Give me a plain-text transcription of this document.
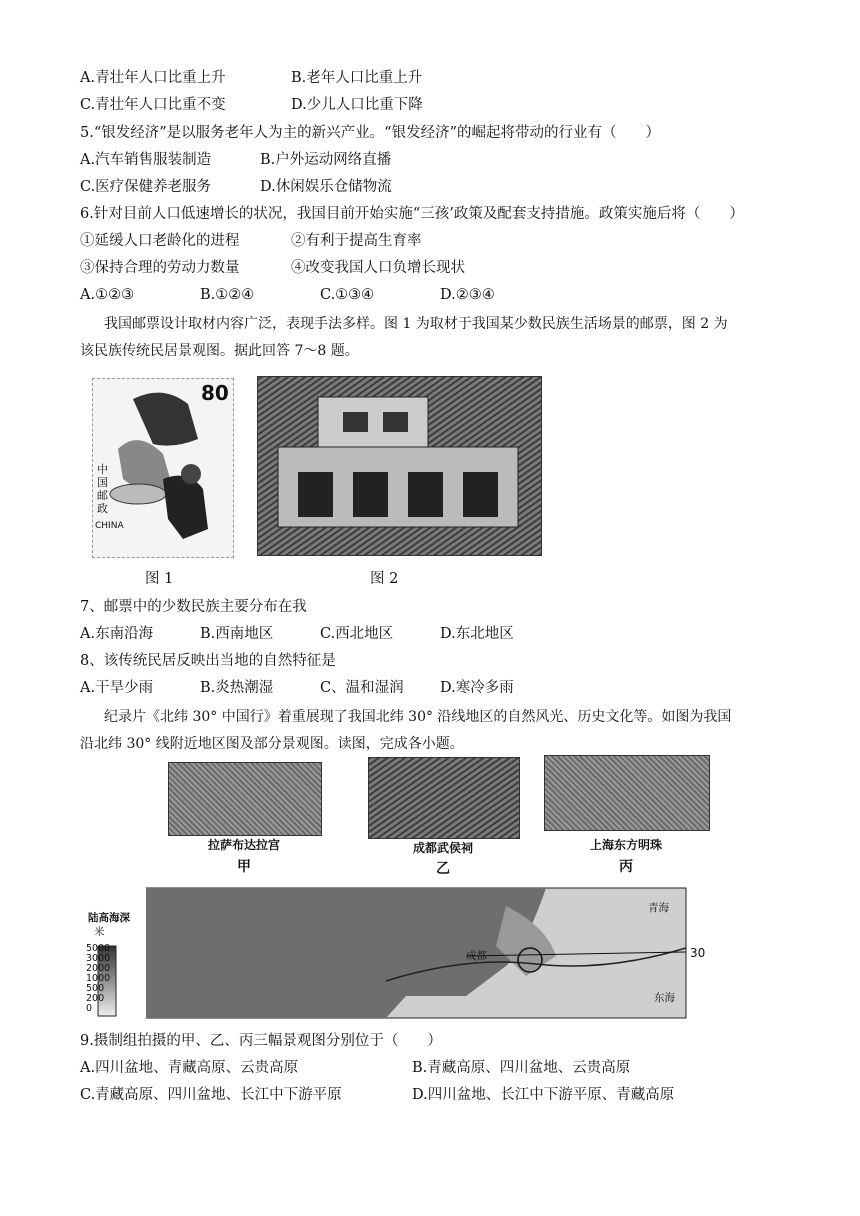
A.青壮年人口比重上升	B.老年人口比重上升
C.青壮年人口比重不变	D.少儿人口比重下降
5.“银发经济”是以服务老年人为主的新兴产业。“银发经济”的崛起将带动的行业有（　　）
A.汽车销售服装制造	B.户外运动网络直播
C.医疗保健养老服务	D.休闲娱乐仓储物流
6.针对目前人口低速增长的状况，我国目前开始实施“三孩’政策及配套支持措施。政策实施后将（　　）
①延缓人口老龄化的进程	②有利于提高生育率
③保持合理的劳动力数量	④改变我国人口负增长现状
A.①②③	B.①②④	C.①③④	D.②③④
我国邮票设计取材内容广泛，表现手法多样。图 1 为取材于我国某少数民族生活场景的邮票，图 2 为
该民族传统民居景观图。据此回答 7～8 题。
80
中国邮政
CHINA
图 1	图 2
7、邮票中的少数民族主要分布在我
A.东南沿海	B.西南地区	C.西北地区	D.东北地区
8、该传统民居反映出当地的自然特征是
A.干旱少雨	B.炎热潮湿	C、温和湿润	D.寒冷多雨
纪录片《北纬 30° 中国行》着重展现了我国北纬 30° 沿线地区的自然风光、历史文化等。如图为我国
沿北纬 30° 线附近地区图及部分景观图。读图，完成各小题。
拉萨布达拉宫
甲
成都武侯祠
乙
上海东方明珠
丙
陆高海深
米
5000
3000
2000
1000
500
200
0
成都
青海
东海
30
9.摄制组拍摄的甲、乙、丙三幅景观图分别位于（　　）
A.四川盆地、青藏高原、云贵高原	B.青藏高原、四川盆地、云贵高原
C.青藏高原、四川盆地、长江中下游平原	D.四川盆地、长江中下游平原、青藏高原
